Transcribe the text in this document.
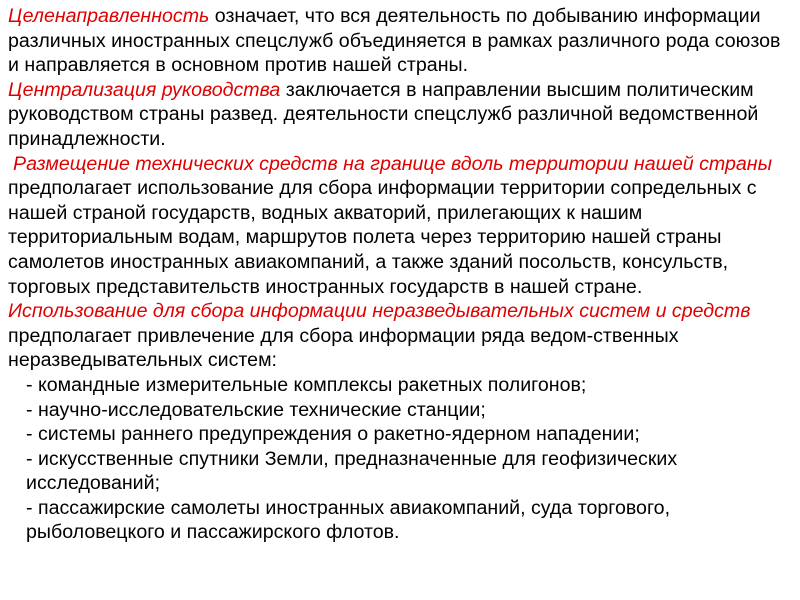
Целенаправленность означает, что вся деятельность по добыванию информации различных иностранных спецслужб объединяется в рамках различного рода союзов и направляется в основном против нашей страны.

Централизация руководства заключается в направлении высшим политическим руководством страны развед. деятельности спецслужб различной ведомственной принадлежности.

Размещение технических средств на границе вдоль территории нашей страны предполагает использование для сбора информации территории сопредельных с нашей страной государств, водных акваторий, прилегающих к нашим территориальным водам, маршрутов полета через территорию нашей страны самолетов иностранных авиакомпаний, а также зданий посольств, консульств, торговых представительств иностранных государств в нашей стране.

Использование для сбора информации неразведывательных систем и средств предполагает привлечение для сбора информации ряда ведом-ственных неразведывательных систем:

- командные измерительные комплексы ракетных полигонов;

- научно-исследовательские технические станции;

- системы раннего предупреждения о ракетно-ядерном нападении;

- искусственные спутники Земли, предназначенные для геофизических исследований;

- пассажирские самолеты иностранных авиакомпаний, суда торгового, рыболовецкого и пассажирского флотов.
